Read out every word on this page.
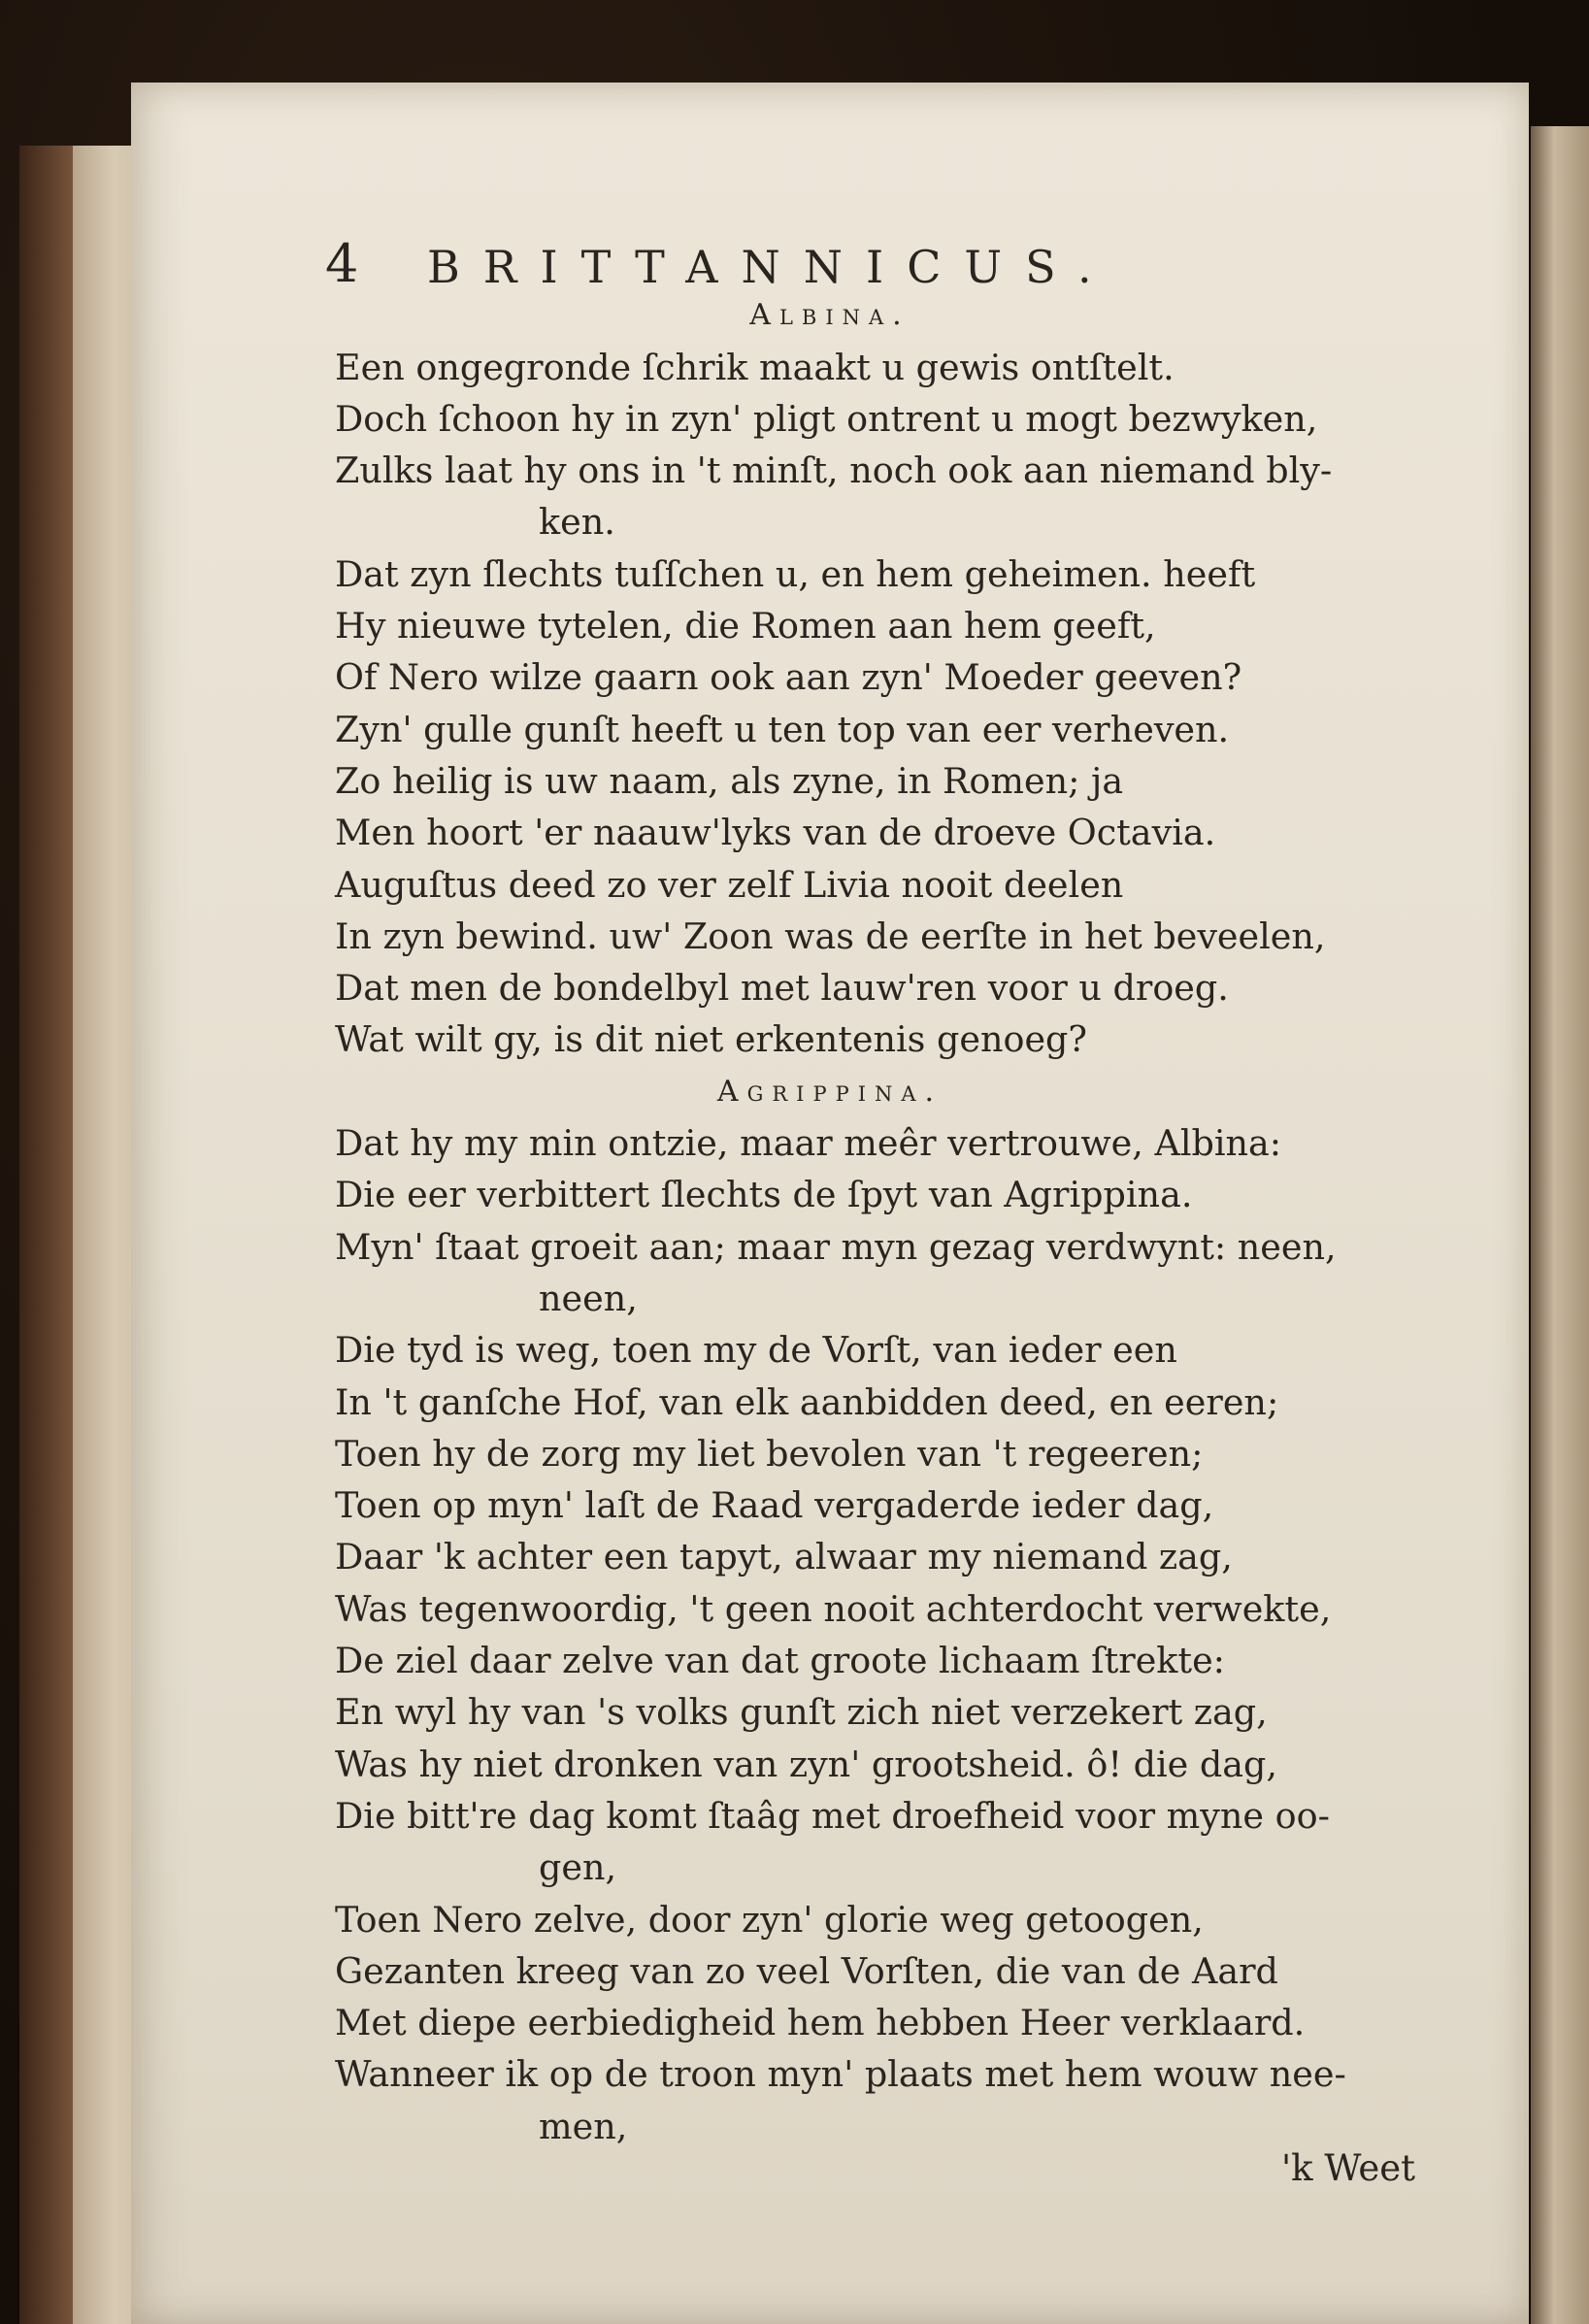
4 BRITTANNICUS.
Albina.
Een ongegronde ſchrik maakt u gewis ontſtelt.
Doch ſchoon hy in zyn' pligt ontrent u mogt bezwyken,
Zulks laat hy ons in 't minſt, noch ook aan niemand bly-
ken.
Dat zyn ſlechts tuſſchen u, en hem geheimen. heeft
Hy nieuwe tytelen, die Romen aan hem geeft,
Of Nero wilze gaarn ook aan zyn' Moeder geeven?
Zyn' gulle gunſt heeft u ten top van eer verheven.
Zo heilig is uw naam, als zyne, in Romen; ja
Men hoort 'er naauw'lyks van de droeve Octavia.
Auguſtus deed zo ver zelf Livia nooit deelen
In zyn bewind. uw' Zoon was de eerſte in het beveelen,
Dat men de bondelbyl met lauw'ren voor u droeg.
Wat wilt gy, is dit niet erkentenis genoeg?
Agrippina.
Dat hy my min ontzie, maar meêr vertrouwe, Albina:
Die eer verbittert ſlechts de ſpyt van Agrippina.
Myn' ſtaat groeit aan; maar myn gezag verdwynt: neen,
neen,
Die tyd is weg, toen my de Vorſt, van ieder een
In 't ganſche Hof, van elk aanbidden deed, en eeren;
Toen hy de zorg my liet bevolen van 't regeeren;
Toen op myn' laſt de Raad vergaderde ieder dag,
Daar 'k achter een tapyt, alwaar my niemand zag,
Was tegenwoordig, 't geen nooit achterdocht verwekte,
De ziel daar zelve van dat groote lichaam ſtrekte:
En wyl hy van 's volks gunſt zich niet verzekert zag,
Was hy niet dronken van zyn' grootsheid. ô! die dag,
Die bitt're dag komt ſtaâg met droefheid voor myne oo-
gen,
Toen Nero zelve, door zyn' glorie weg getoogen,
Gezanten kreeg van zo veel Vorſten, die van de Aard
Met diepe eerbiedigheid hem hebben Heer verklaard.
Wanneer ik op de troon myn' plaats met hem wouw nee-
men,
'k Weet
